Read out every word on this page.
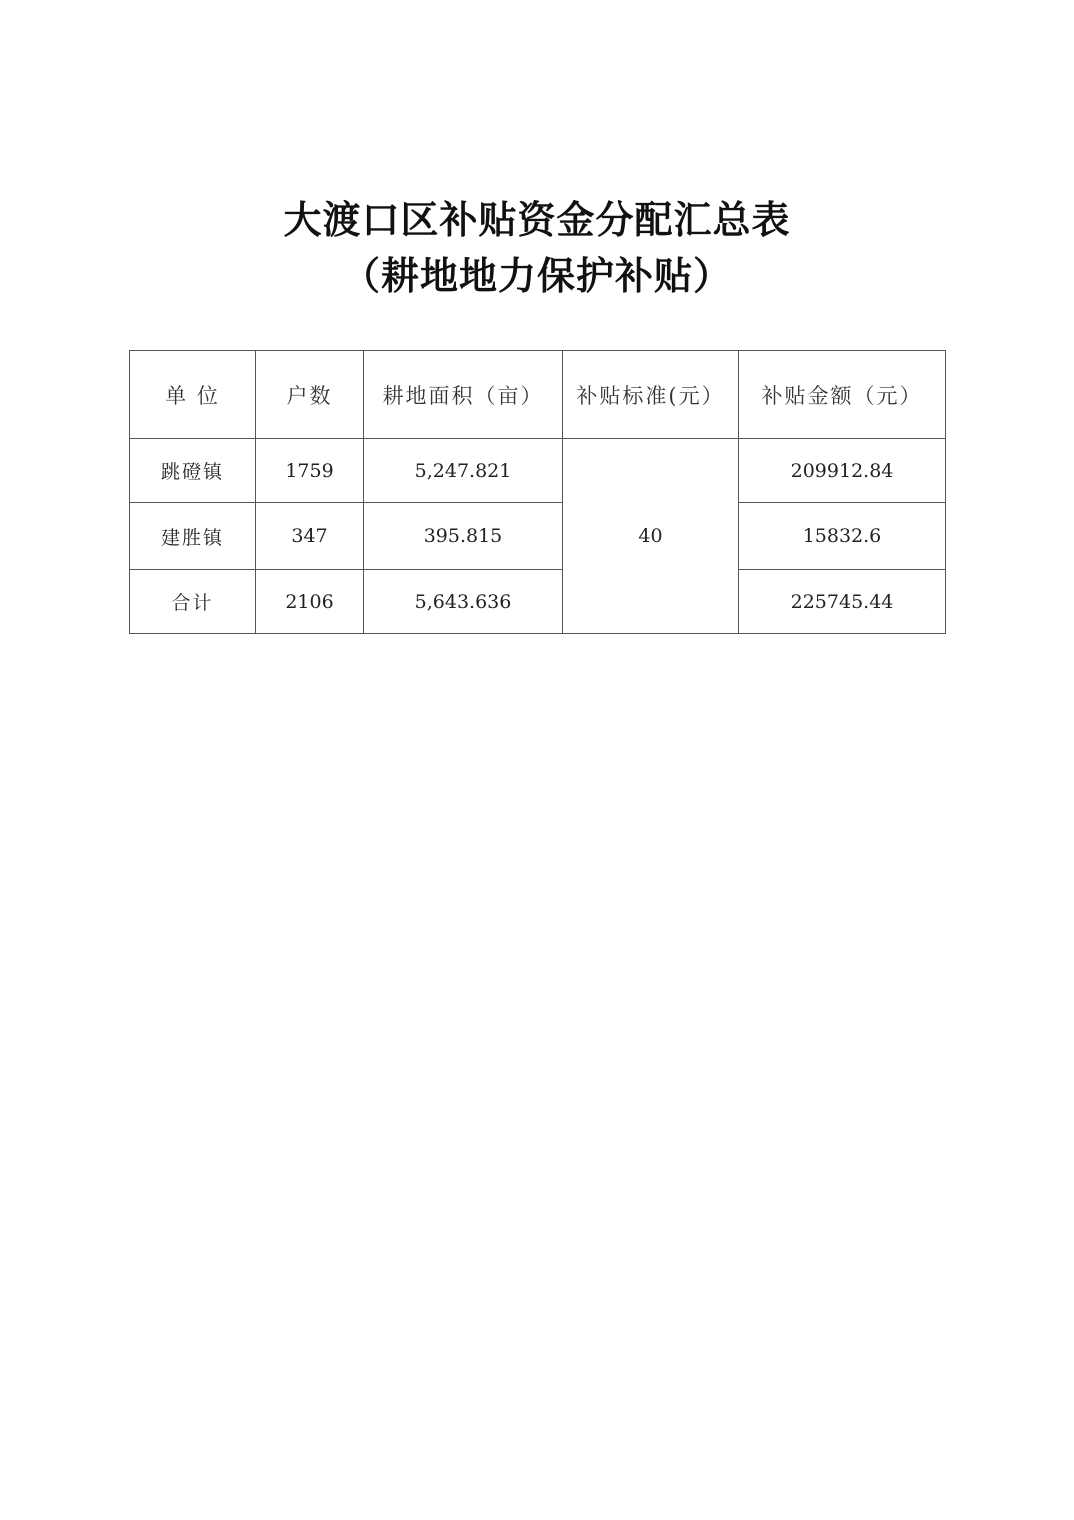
大渡口区补贴资金分配汇总表
（耕地地力保护补贴）
单 位	户数	耕地面积（亩）	补贴标准(元）	补贴金额（元）
跳磴镇	1759	5,247.821	40	209912.84
建胜镇	347	395.815		15832.6
合计	2106	5,643.636		225745.44
